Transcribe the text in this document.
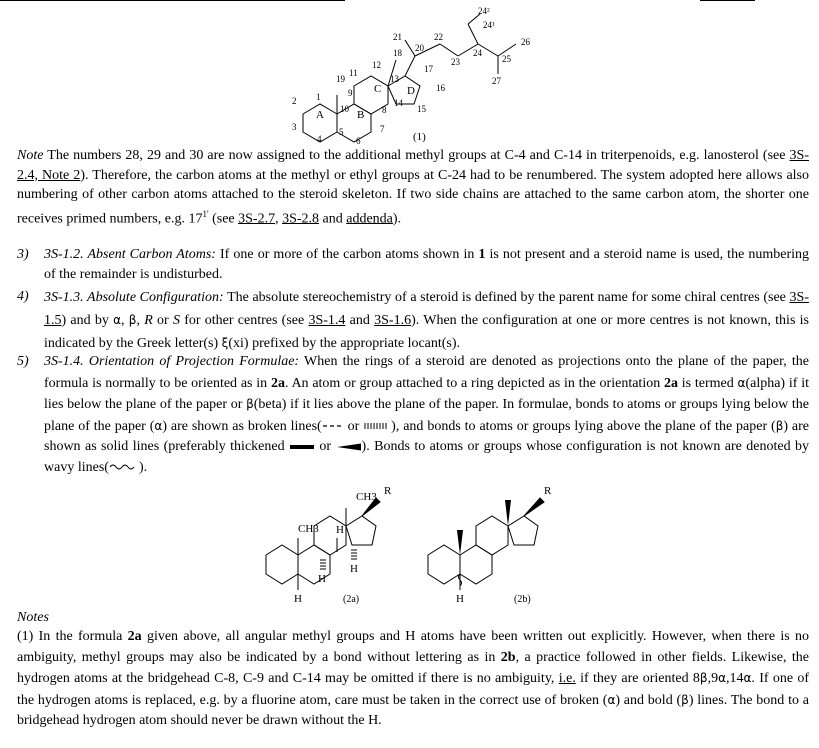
1
2
3
4
5
6
7
8
9
10
11
12
13
14
15
16
17
18
19
20
21	22
23
24
25
26
27
24¹
24²
A	B
C D
(1)
Note The numbers 28, 29 and 30 are now assigned to the additional methyl groups at C-4 and C-14 in triterpenoids, e.g. lanosterol (see 3S-2.4, Note 2). Therefore, the carbon atoms at the methyl or ethyl groups at C-24 had to be renumbered. The system adopted here allows also numbering of other carbon atoms attached to the steroid skeleton. If two side chains are attached to the same carbon atom, the shorter one receives primed numbers, e.g. $17^{1'}$ (see 3S-2.7, 3S-2.8 and addenda).
3) 3S-1.2. Absent Carbon Atoms: If one or more of the carbon atoms shown in 1 is not present and a steroid name is used, the numbering of the remainder is undisturbed.
4) 3S-1.3. Absolute Configuration: The absolute stereochemistry of a steroid is defined by the parent name for some chiral centres (see 3S-1.5) and by α, β, R or S for other centres (see 3S-1.4 and 3S-1.6). When the configuration at one or more centres is not known, this is indicated by the Greek letter(s) ξ(xi) prefixed by the appropriate locant(s).
5) 3S-1.4. Orientation of Projection Formulae: When the rings of a steroid are denoted as projections onto the plane of the paper, the formula is normally to be oriented as in 2a. An atom or group attached to a ring depicted as in the orientation 2a is termed α(alpha) if it lies below the plane of the paper or β(beta) if it lies above the plane of the paper. In formulae, bonds to atoms or groups lying below the plane of the paper (α) are shown as broken lines( or ), and bonds to atoms or groups lying above the plane of the paper (β) are shown as solid lines (preferably thickened  or ). Bonds to atoms or groups whose configuration is not known are denoted by wavy lines( ).
CH3 R
CH3 H
H
H
H	(2a)
R
H	(2b)
Notes
(1) In the formula 2a given above, all angular methyl groups and H atoms have been written out explicitly. However, when there is no ambiguity, methyl groups may also be indicated by a bond without lettering as in 2b, a practice followed in other fields. Likewise, the hydrogen atoms at the bridgehead C-8, C-9 and C-14 may be omitted if there is no ambiguity, i.e. if they are oriented 8β,9α,14α. If one of the hydrogen atoms is replaced, e.g. by a fluorine atom, care must be taken in the correct use of broken (α) and bold (β) lines. The bond to a bridgehead hydrogen atom should never be drawn without the H.
